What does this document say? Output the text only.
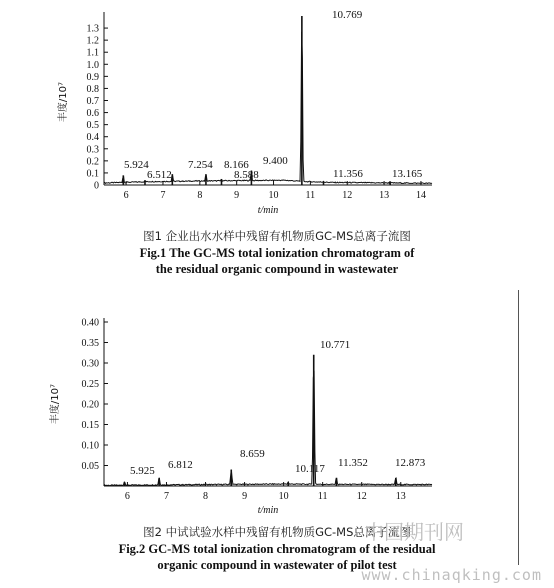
0
0.1
0.2
0.3
0.4
0.5
0.6
0.7
0.8
0.9
1.0
1.1
1.2
1.3
6	7	8	9	10	11	12	13	14
t/min
丰度/10⁷
5.924
6.512
7.254 8.166
8.588
9.400
10.769
11.356	13.165
0.05
0.10
0.15
0.20
0.25
0.30
0.35
0.40
6	7	8	9	10	11	12	13
t/min
丰度/10⁷
5.925 6.812
8.659
10.117
10.771
11.352 12.873

图1 企业出水水样中残留有机物质GC-MS总离子流图

Fig.1 The GC-MS total ionization chromatogram of

the residual organic compound in wastewater

图2 中试试验水样中残留有机物质GC-MS总离子流图

Fig.2 GC-MS total ionization chromatogram of the residual

organic compound in wastewater of pilot test

中国期刊网
www.chinaqking.com
